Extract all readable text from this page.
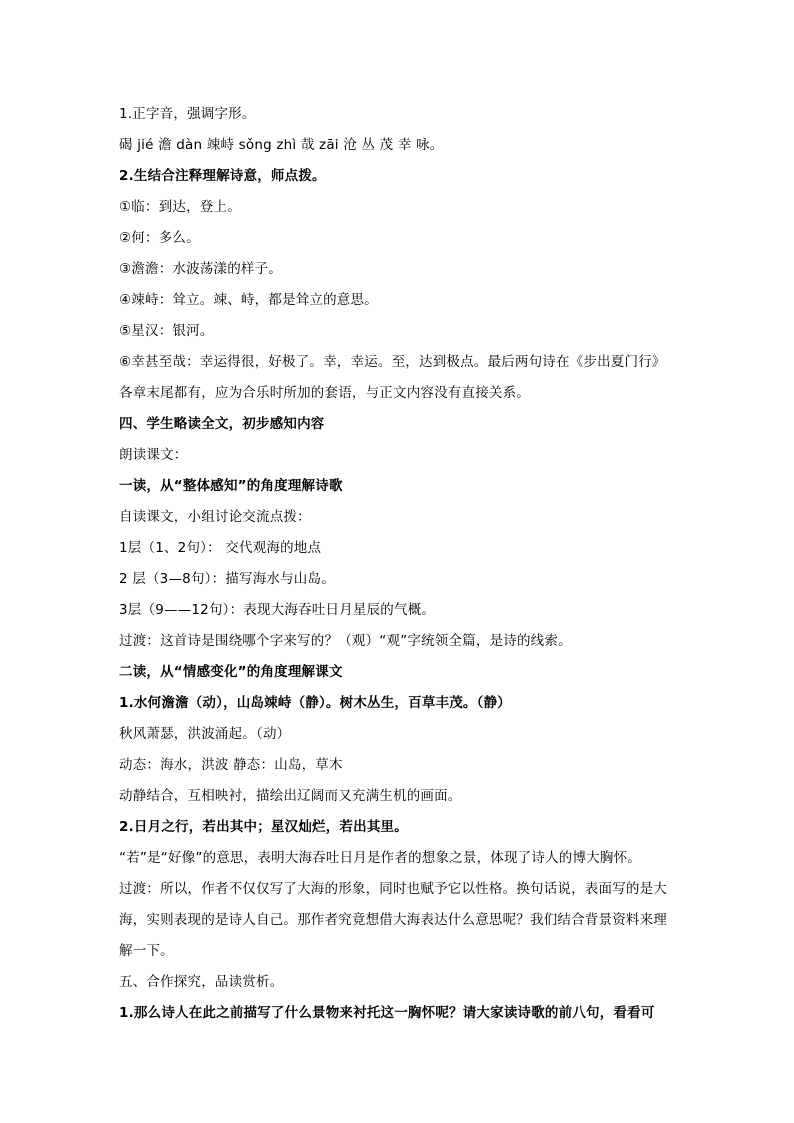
1.正字音，强调字形。
碣 jié 澹 dàn 竦峙 sǒng zhì 哉 zāi 沧 丛 茂 幸 咏。
2.生结合注释理解诗意，师点拨。
①临：到达，登上。
②何：多么。
③澹澹：水波荡漾的样子。
④竦峙：耸立。竦、峙，都是耸立的意思。
⑤星汉：银河。
⑥幸甚至哉：幸运得很，好极了。幸，幸运。至，达到极点。最后两句诗在《步出夏门行》
各章末尾都有，应为合乐时所加的套语，与正文内容没有直接关系。
四、学生略读全文，初步感知内容
朗读课文：
一读，从“整体感知”的角度理解诗歌
自读课文，小组讨论交流点拨：
1层（1、2句）： 交代观海的地点
2 层（3—8句）：描写海水与山岛。
3层（9——12句）：表现大海吞吐日月星辰的气概。
过渡：这首诗是围绕哪个字来写的？（观）“观”字统领全篇，是诗的线索。
二读，从“情感变化”的角度理解课文
1.水何澹澹（动），山岛竦峙（静）。树木丛生，百草丰茂。（静）
秋风萧瑟，洪波涌起。（动）
动态：海水，洪波 静态：山岛，草木
动静结合，互相映衬，描绘出辽阔而又充满生机的画面。
2.日月之行，若出其中；星汉灿烂，若出其里。
“若”是“好像”的意思，表明大海吞吐日月是作者的想象之景，体现了诗人的博大胸怀。
过渡：所以，作者不仅仅写了大海的形象，同时也赋予它以性格。换句话说，表面写的是大
海，实则表现的是诗人自己。那作者究竟想借大海表达什么意思呢？我们结合背景资料来理
解一下。
五、合作探究，品读赏析。
1.那么诗人在此之前描写了什么景物来衬托这一胸怀呢？请大家读诗歌的前八句，看看可
